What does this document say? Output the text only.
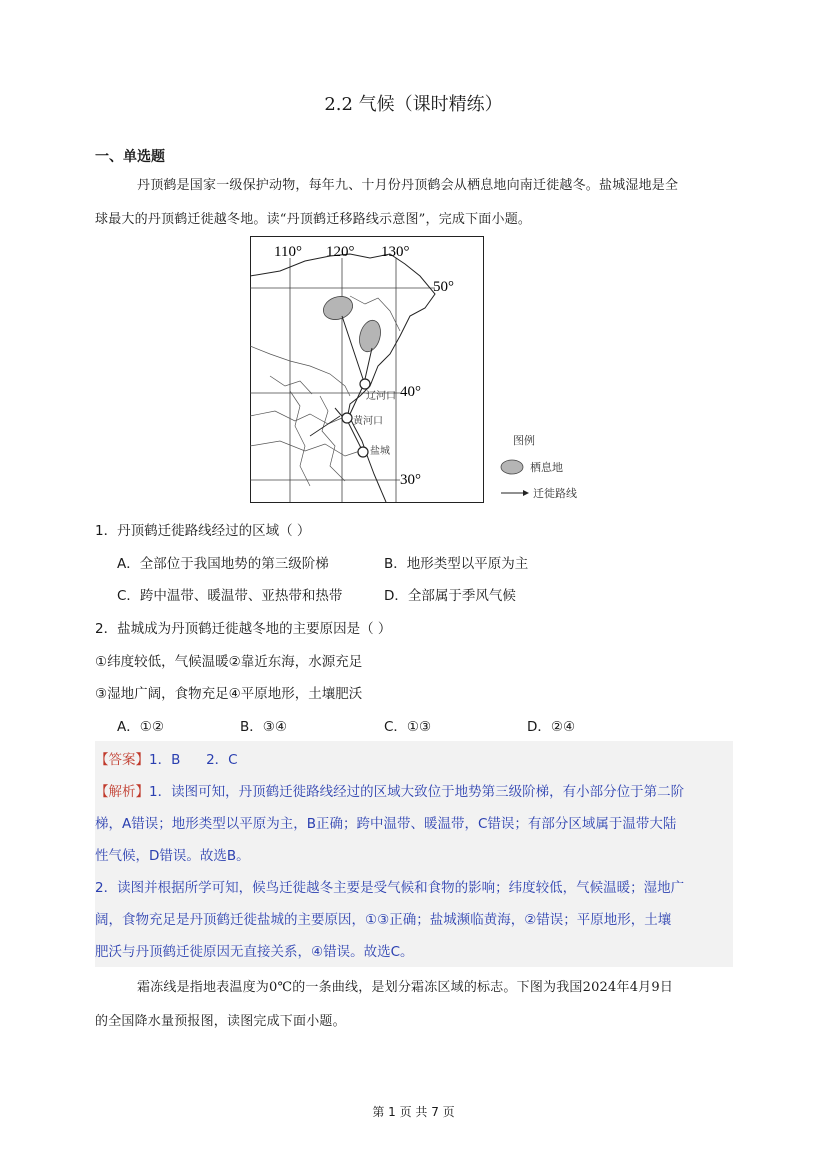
2.2 气候（课时精练）
一、单选题
丹顶鹤是国家一级保护动物，每年九、十月份丹顶鹤会从栖息地向南迁徙越冬。盐城湿地是全
球最大的丹顶鹤迁徙越冬地。读“丹顶鹤迁移路线示意图”，完成下面小题。
110° 120° 130°
50°
40°
30°
辽河口
黄河口
盐城
图例
栖息地
迁徙路线
1．丹顶鹤迁徙路线经过的区域（ ）
A．全部位于我国地势的第三级阶梯	B．地形类型以平原为主
C．跨中温带、暖温带、亚热带和热带	D．全部属于季风气候
2．盐城成为丹顶鹤迁徙越冬地的主要原因是（ ）
①纬度较低，气候温暖②靠近东海，水源充足
③湿地广阔，食物充足④平原地形，土壤肥沃
A．①②	B．③④	C．①③	D．②④
【答案】1．B      2．C
【解析】1．读图可知，丹顶鹤迁徙路线经过的区域大致位于地势第三级阶梯，有小部分位于第二阶
梯，A错误；地形类型以平原为主，B正确；跨中温带、暖温带，C错误；有部分区域属于温带大陆
性气候，D错误。故选B。
2．读图并根据所学可知，候鸟迁徙越冬主要是受气候和食物的影响；纬度较低，气候温暖；湿地广
阔，食物充足是丹顶鹤迁徙盐城的主要原因，①③正确；盐城濒临黄海，②错误；平原地形，土壤
肥沃与丹顶鹤迁徙原因无直接关系，④错误。故选C。
霜冻线是指地表温度为0℃的一条曲线，是划分霜冻区域的标志。下图为我国2024年4月9日
的全国降水量预报图，读图完成下面小题。
第 1 页 共 7 页
